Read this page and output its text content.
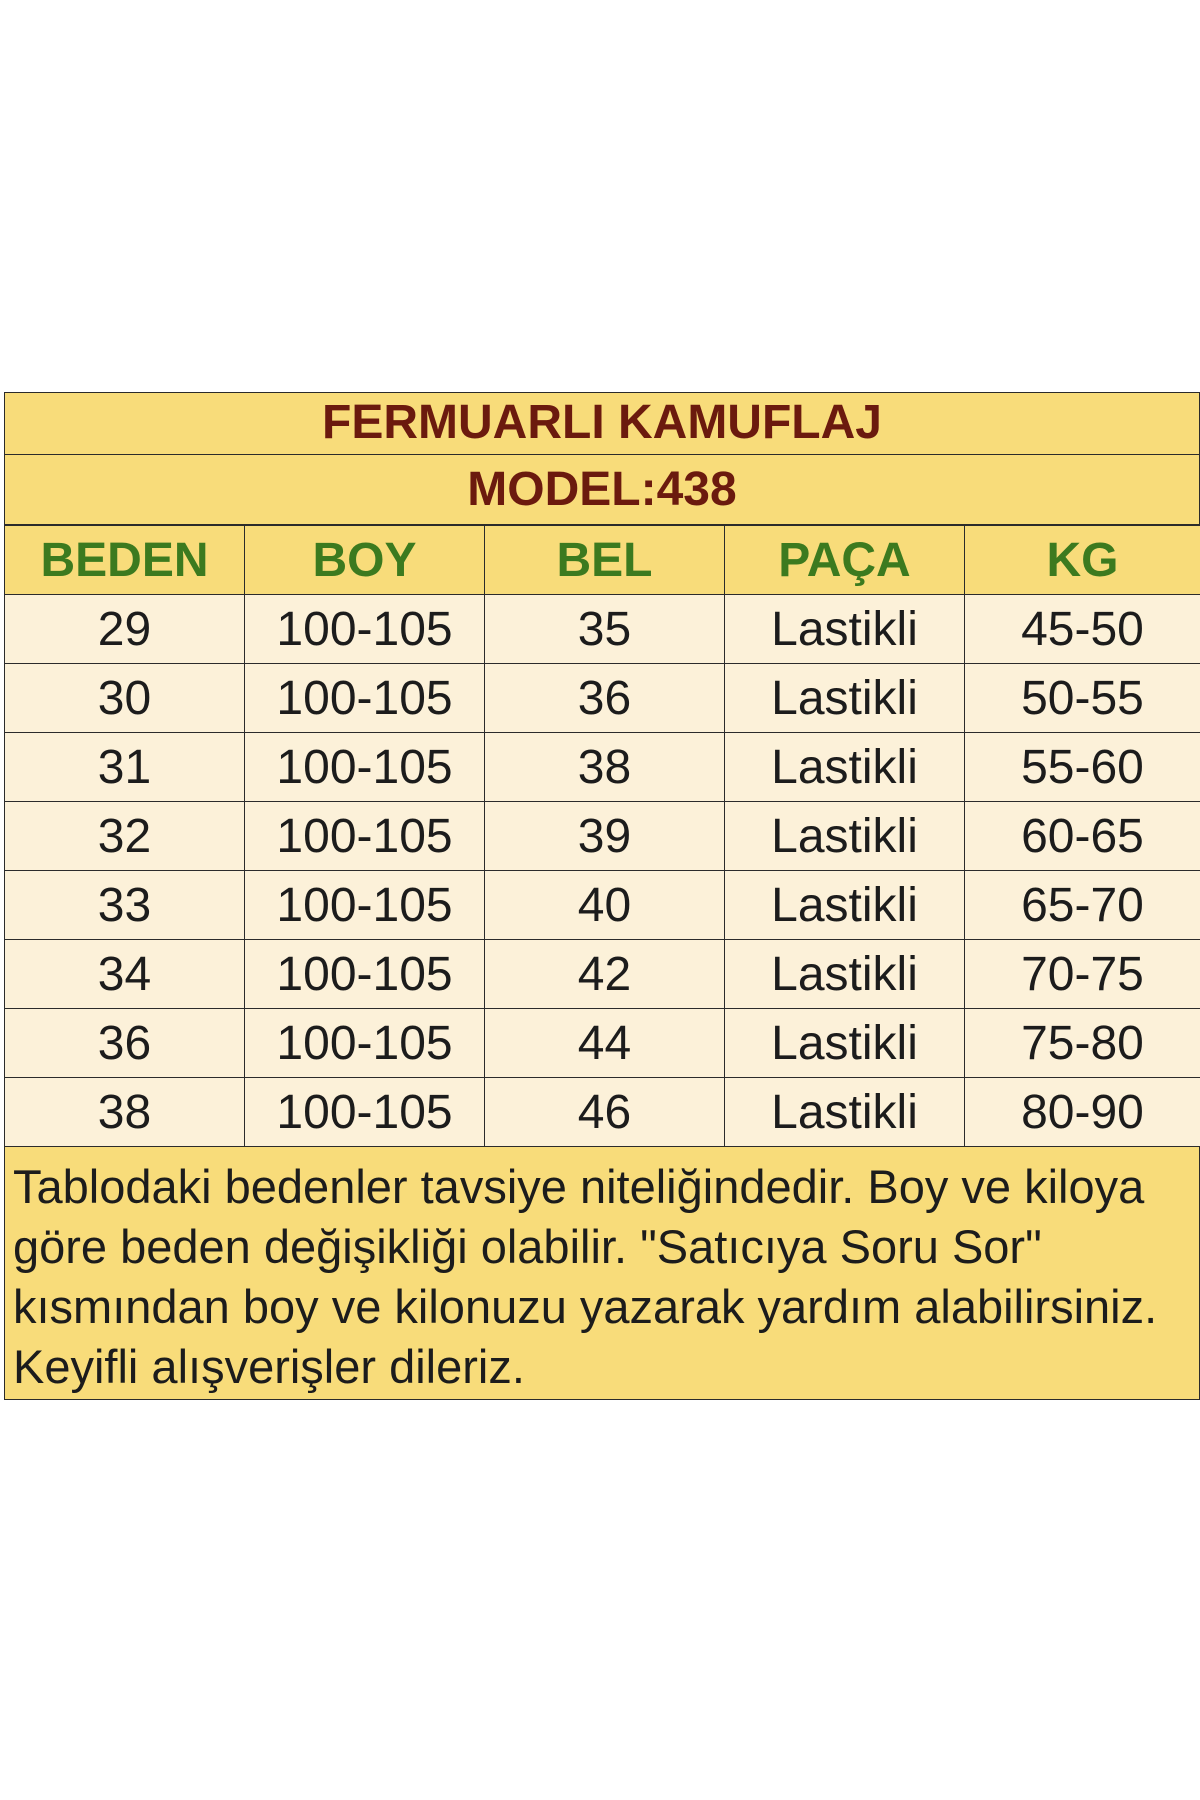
FERMUARLI KAMUFLAJ
MODEL:438
BEDEN	BOY	BEL	PAÇA	KG
29	100-105	35	Lastikli	45-50
30	100-105	36	Lastikli	50-55
31	100-105	38	Lastikli	55-60
32	100-105	39	Lastikli	60-65
33	100-105	40	Lastikli	65-70
34	100-105	42	Lastikli	70-75
36	100-105	44	Lastikli	75-80
38	100-105	46	Lastikli	80-90
Tablodaki bedenler tavsiye niteliğindedir. Boy ve kiloya göre beden değişikliği olabilir. "Satıcıya Soru Sor" kısmından boy ve kilonuzu yazarak yardım alabilirsiniz. Keyifli alışverişler dileriz.
